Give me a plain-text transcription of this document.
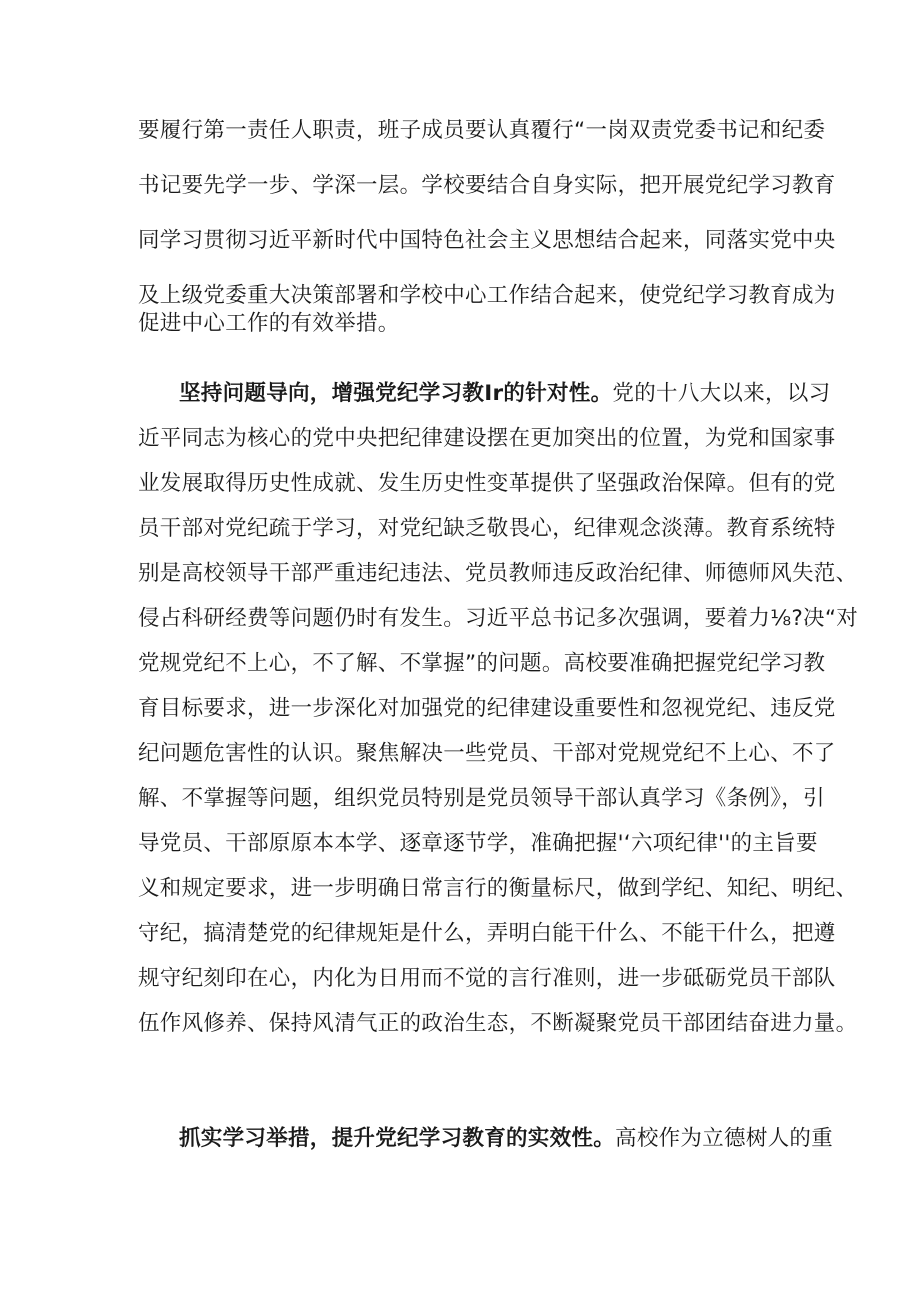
要履行第一责任人职责，班子成员要认真覆行“一岗双责党委书记和纪委
书记要先学一步、学深一层。学校要结合自身实际，把开展党纪学习教育
同学习贯彻习近平新时代中国特色社会主义思想结合起来，同落实党中央
及上级党委重大决策部署和学校中心工作结合起来，使党纪学习教育成为
促进中心工作的有效举措。
坚持问题导向，增强党纪学习教Ir的针对性。党的十八大以来，以习
近平同志为核心的党中央把纪律建设摆在更加突出的位置，为党和国家事
业发展取得历史性成就、发生历史性变革提供了坚强政治保障。但有的党
员干部对党纪疏于学习，对党纪缺乏敬畏心，纪律观念淡薄。教育系统特
别是高校领导干部严重违纪违法、党员教师违反政治纪律、师德师风失范、
侵占科研经费等问题仍时有发生。习近平总书记多次强调，要着力⅛?决“对
党规党纪不上心，不了解、不掌握”的问题。高校要准确把握党纪学习教
育目标要求，进一步深化对加强党的纪律建设重要性和忽视党纪、违反党
纪问题危害性的认识。聚焦解决一些党员、干部对党规党纪不上心、不了
解、不掌握等问题，组织党员特别是党员领导干部认真学习《条例》，引
导党员、干部原原本本学、逐章逐节学，准确把握'‘六项纪律''的主旨要
义和规定要求，进一步明确日常言行的衡量标尺，做到学纪、知纪、明纪、
守纪，搞清楚党的纪律规矩是什么，弄明白能干什么、不能干什么，把遵
规守纪刻印在心，内化为日用而不觉的言行准则，进一步砥砺党员干部队
伍作风修养、保持风清气正的政治生态，不断凝聚党员干部团结奋进力量。
抓实学习举措，提升党纪学习教育的实效性。高校作为立德树人的重
